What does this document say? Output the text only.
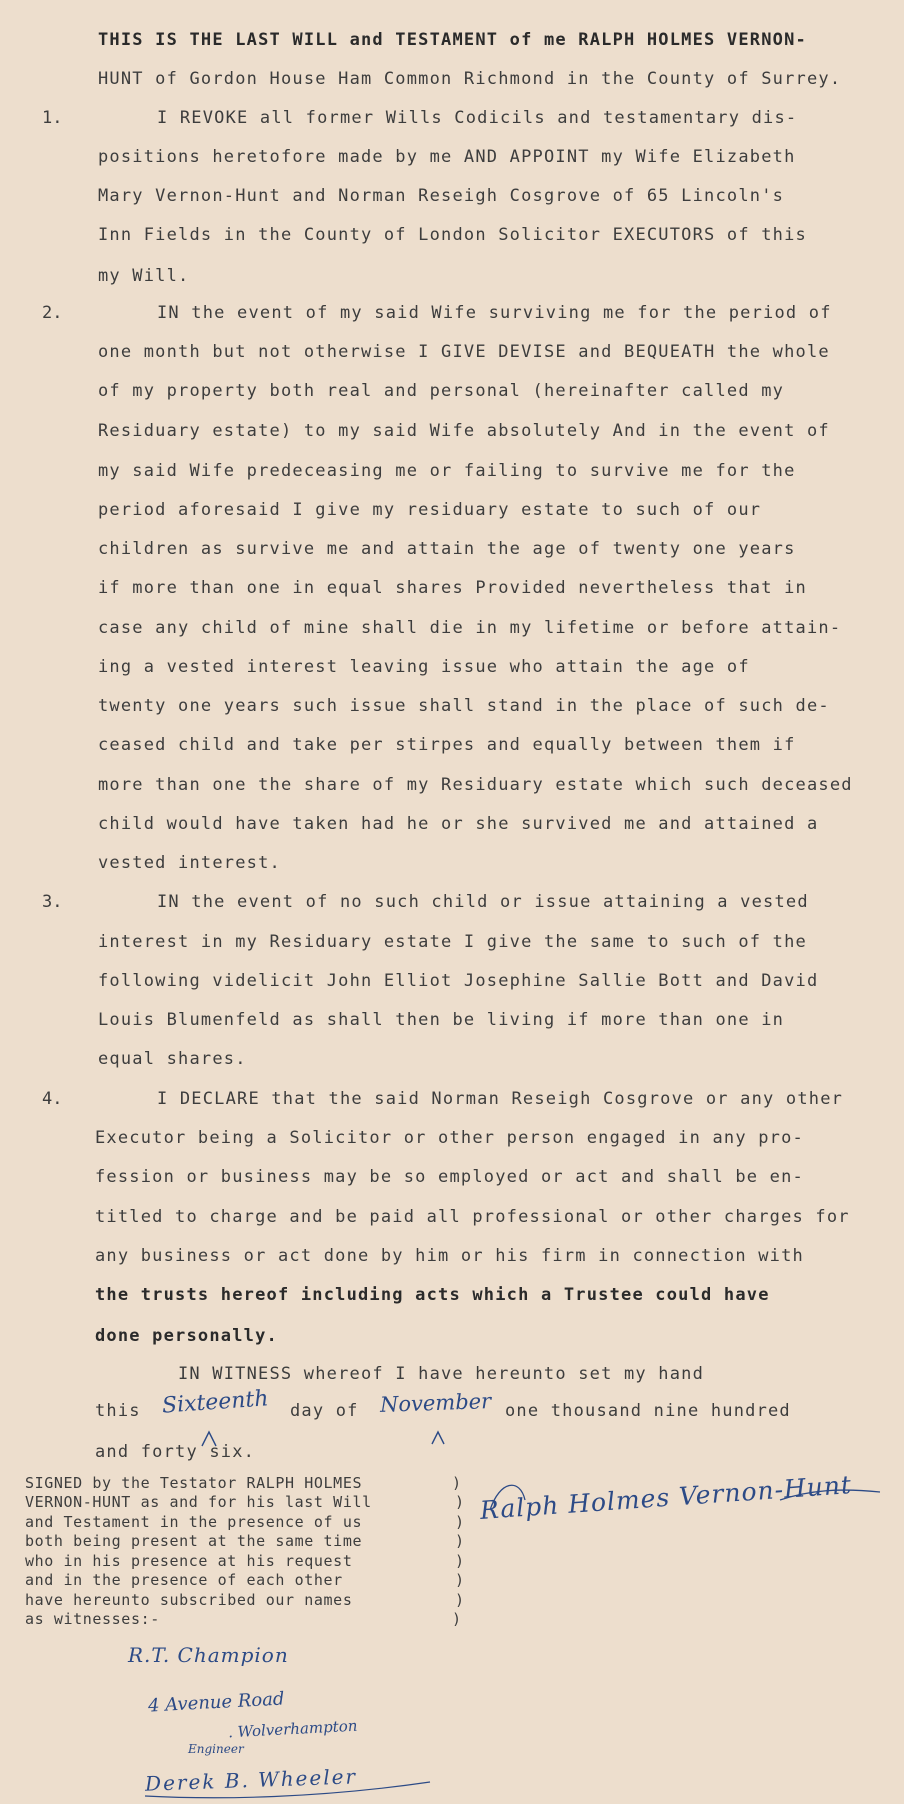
THIS IS THE LAST WILL and TESTAMENT of me RALPH HOLMES VERNON-
HUNT of Gordon House Ham Common Richmond in the County of Surrey.
1.	I REVOKE all former Wills Codicils and testamentary dis-
positions heretofore made by me AND APPOINT my Wife Elizabeth
Mary Vernon-Hunt and Norman Reseigh Cosgrove of 65 Lincoln's
Inn Fields in the County of London Solicitor EXECUTORS of this
my Will.
2.	IN the event of my said Wife surviving me for the period of
one month but not otherwise I GIVE DEVISE and BEQUEATH the whole
of my property both real and personal (hereinafter called my
Residuary estate) to my said Wife absolutely And in the event of
my said Wife predeceasing me or failing to survive me for the
period aforesaid I give my residuary estate to such of our
children as survive me and attain the age of twenty one years
if more than one in equal shares Provided nevertheless that in
case any child of mine shall die in my lifetime or before attain-
ing a vested interest leaving issue who attain the age of
twenty one years such issue shall stand in the place of such de-
ceased child and take per stirpes and equally between them if
more than one the share of my Residuary estate which such deceased
child would have taken had he or she survived me and attained a
vested interest.
3.	IN the event of no such child or issue attaining a vested
interest in my Residuary estate I give the same to such of the
following videlicit John Elliot Josephine Sallie Bott and David
Louis Blumenfeld as shall then be living if more than one in
equal shares.
4.	I DECLARE that the said Norman Reseigh Cosgrove or any other
Executor being a Solicitor or other person engaged in any pro-
fession or business may be so employed or act and shall be en-
titled to charge and be paid all professional or other charges for
any business or act done by him or his firm in connection with
the trusts hereof including acts which a Trustee could have
done personally.
IN WITNESS whereof I have hereunto set my hand
this Sixteenth day of November one thousand nine hundred
and forty six.
SIGNED by the Testator RALPH HOLMES
VERNON-HUNT as and for his last Will
and Testament in the presence of us
both being present at the same time
who in his presence at his request
and in the presence of each other
have hereunto subscribed our names
as witnesses:-
)
)
)
)
)
)
)
)
Ralph Holmes Vernon-Hunt
R.T. Champion
4 Avenue Road
. Wolverhampton
Engineer
Derek B. Wheeler
